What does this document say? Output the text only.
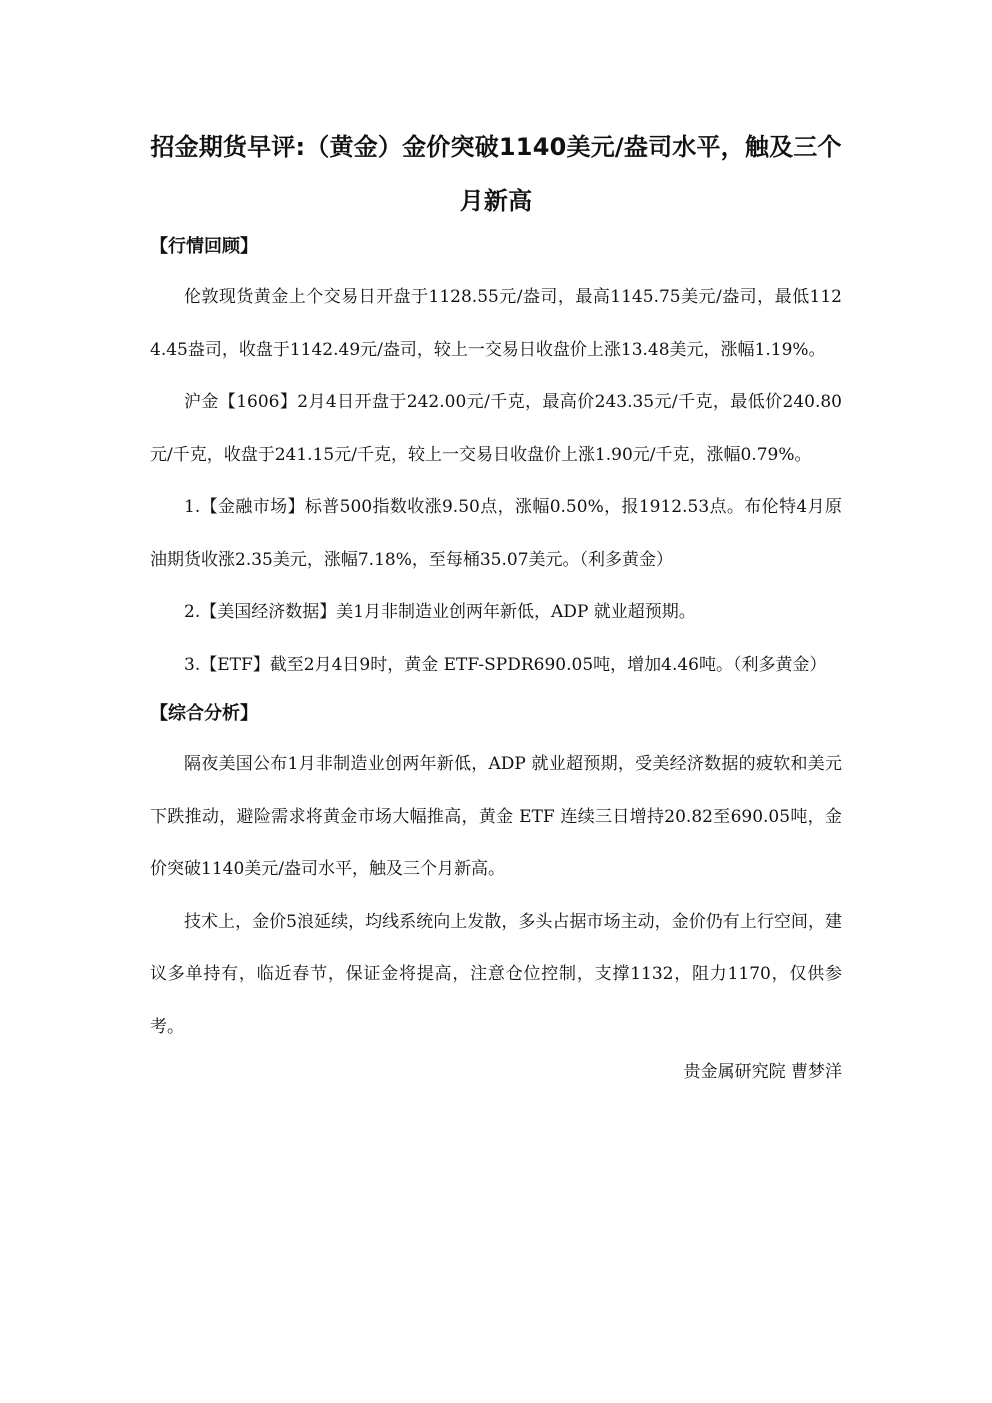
招金期货早评:（黄金）金价突破1140美元/盎司水平，触及三个月新高
【行情回顾】

伦敦现货黄金上个交易日开盘于1128.55元/盎司，最高1145.75美元/盎司，最低1124.45盎司，收盘于1142.49元/盎司，较上一交易日收盘价上涨13.48美元，涨幅1.19%。

沪金【1606】2月4日开盘于242.00元/千克，最高价243.35元/千克，最低价240.80元/千克，收盘于241.15元/千克，较上一交易日收盘价上涨1.90元/千克，涨幅0.79%。

1.【金融市场】标普500指数收涨9.50点，涨幅0.50%，报1912.53点。布伦特4月原油期货收涨2.35美元，涨幅7.18%，至每桶35.07美元。（利多黄金）

2.【美国经济数据】美1月非制造业创两年新低，ADP 就业超预期。

3.【ETF】截至2月4日9时，黄金 ETF-SPDR690.05吨，增加4.46吨。（利多黄金）

【综合分析】

隔夜美国公布1月非制造业创两年新低，ADP 就业超预期，受美经济数据的疲软和美元下跌推动，避险需求将黄金市场大幅推高，黄金 ETF 连续三日增持20.82至690.05吨，金价突破1140美元/盎司水平，触及三个月新高。

技术上，金价5浪延续，均线系统向上发散，多头占据市场主动，金价仍有上行空间，建议多单持有，临近春节，保证金将提高，注意仓位控制，支撑1132，阻力1170，仅供参考。

贵金属研究院 曹梦洋
